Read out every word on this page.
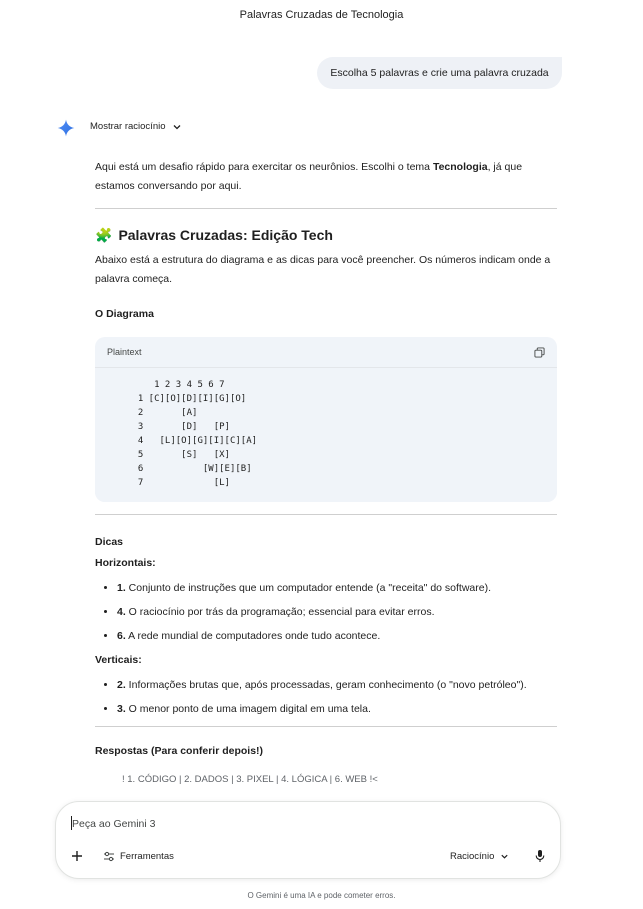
Palavras Cruzadas de Tecnologia
Escolha 5 palavras e crie uma palavra cruzada
Mostrar raciocínio

Aqui está um desafio rápido para exercitar os neurônios. Escolhi o tema Tecnologia, já que estamos conversando por aqui.

🧩 Palavras Cruzadas: Edição Tech

Abaixo está a estrutura do diagrama e as dicas para você preencher. Os números indicam onde a palavra começa.

O Diagrama
Plaintext
1 2 3 4 5 6 7
1 [C][O][D][I][G][O]
2       [A]
3       [D]   [P]
4   [L][O][G][I][C][A]
5       [S]   [X]
6           [W][E][B]
7             [L]
Dicas
Horizontais:
• 1. Conjunto de instruções que um computador entende (a "receita" do software).
• 4. O raciocínio por trás da programação; essencial para evitar erros.
• 6. A rede mundial de computadores onde tudo acontece.
Verticais:
• 2. Informações brutas que, após processadas, geram conhecimento (o "novo petróleo").
• 3. O menor ponto de uma imagem digital em uma tela.
Respostas (Para conferir depois!)
! 1. CÓDIGO | 2. DADOS | 3. PIXEL | 4. LÓGICA | 6. WEB !<
Peça ao Gemini 3
Ferramentas	Raciocínio
O Gemini é uma IA e pode cometer erros.
